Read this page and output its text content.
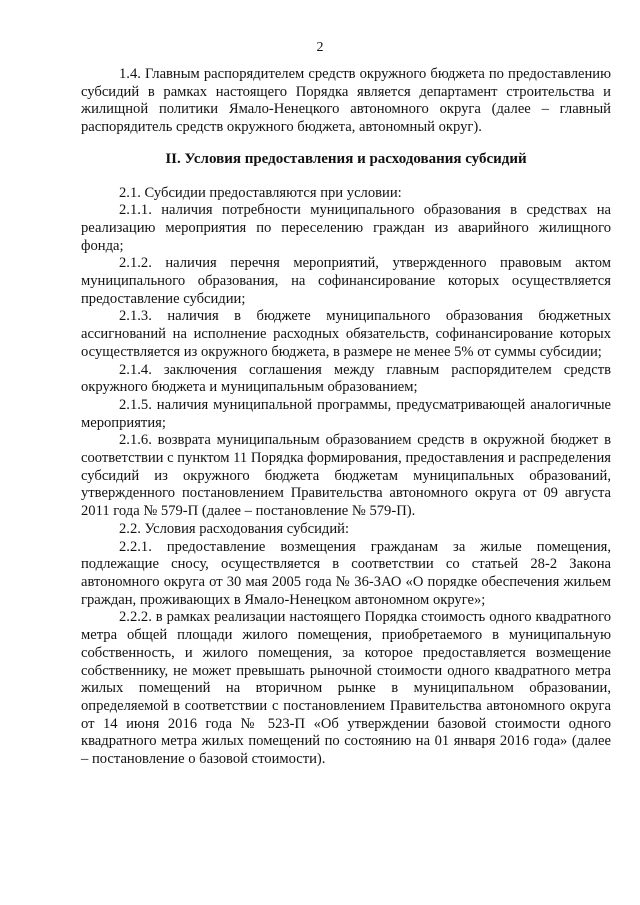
2

1.4. Главным распорядителем средств окружного бюджета по предоставлению субсидий в рамках настоящего Порядка является департамент строительства и жилищной политики Ямало-Ненецкого автономного округа (далее – главный распорядитель средств окружного бюджета, автономный округ).

II. Условия предоставления и расходования субсидий

2.1. Субсидии предоставляются при условии:

2.1.1. наличия потребности муниципального образования в средствах на реализацию мероприятия по переселению граждан из аварийного жилищного фонда;

2.1.2. наличия перечня мероприятий, утвержденного правовым актом муниципального образования, на софинансирование которых осуществляется предоставление субсидии;

2.1.3. наличия в бюджете муниципального образования бюджетных ассигнований на исполнение расходных обязательств, софинансирование которых осуществляется из окружного бюджета, в размере не менее 5% от суммы субсидии;

2.1.4. заключения соглашения между главным распорядителем средств окружного бюджета и муниципальным образованием;

2.1.5. наличия муниципальной программы, предусматривающей аналогичные мероприятия;

2.1.6. возврата муниципальным образованием средств в окружной бюджет в соответствии с пунктом 11 Порядка формирования, предоставления и распределения субсидий из окружного бюджета бюджетам муниципальных образований, утвержденного постановлением Правительства автономного округа от 09 августа 2011 года № 579-П (далее – постановление № 579-П).

2.2. Условия расходования субсидий:

2.2.1. предоставление возмещения гражданам за жилые помещения, подлежащие сносу, осуществляется в соответствии со статьей 28-2 Закона автономного округа от 30 мая 2005 года № 36-ЗАО «О порядке обеспечения жильем граждан, проживающих в Ямало-Ненецком автономном округе»;

2.2.2. в рамках реализации настоящего Порядка стоимость одного квадратного метра общей площади жилого помещения, приобретаемого в муниципальную собственность, и жилого помещения, за которое предоставляется возмещение собственнику, не может превышать рыночной стоимости одного квадратного метра жилых помещений на вторичном рынке в муниципальном образовании, определяемой в соответствии с постановлением Правительства автономного округа от 14 июня 2016 года № 523-П «Об утверждении базовой стоимости одного квадратного метра жилых помещений по состоянию на 01 января 2016 года» (далее – постановление о базовой стоимости).
